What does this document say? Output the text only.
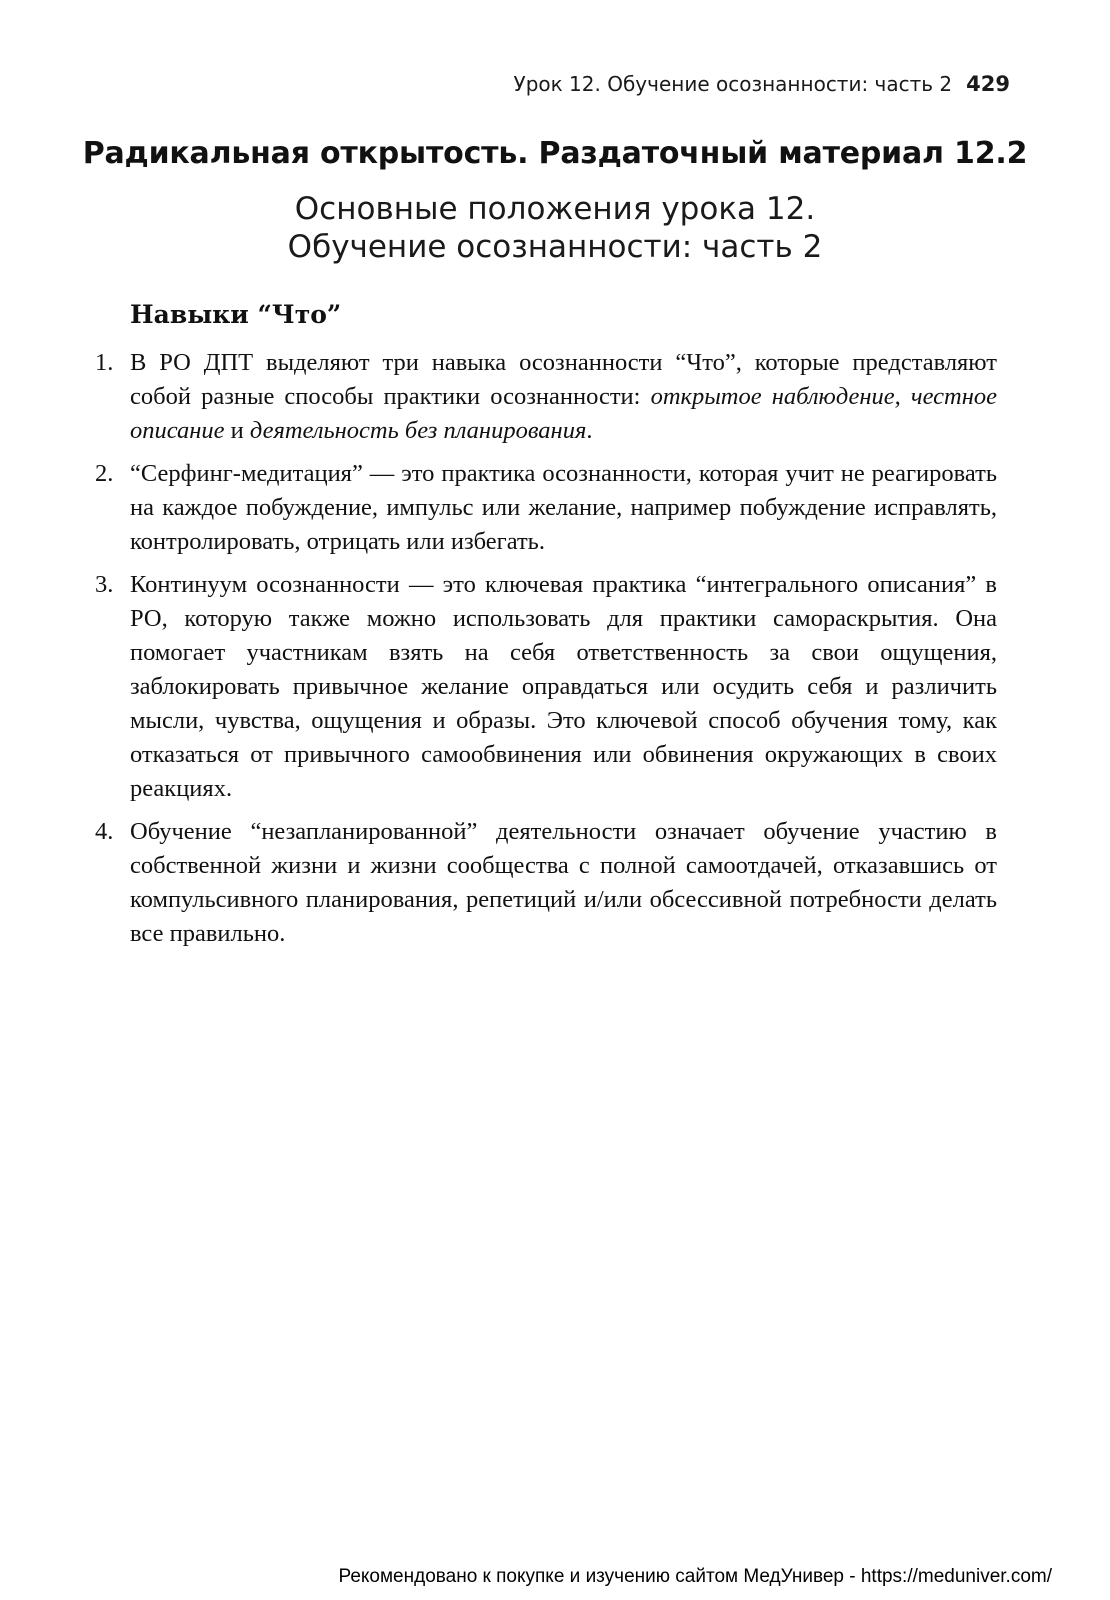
Урок 12. Обучение осознанности: часть 2 429
Радикальная открытость. Раздаточный материал 12.2
Основные положения урока 12.
Обучение осознанности: часть 2
Навыки “Что”
1. В РО ДПТ выделяют три навыка осознанности “Что”, которые представляют собой разные способы практики осознанности: открытое наблюдение, честное описание и деятельность без планирования.
2. “Серфинг-медитация” — это практика осознанности, которая учит не реагировать на каждое побуждение, импульс или желание, например побуждение исправлять, контролировать, отрицать или избегать.
3. Континуум осознанности — это ключевая практика “интегрального описания” в РО, которую также можно использовать для практики самораскрытия. Она помогает участникам взять на себя ответственность за свои ощущения, заблокировать привычное желание оправдаться или осудить себя и различить мысли, чувства, ощущения и образы. Это ключевой способ обучения тому, как отказаться от привычного самообвинения или обвинения окружающих в своих реакциях.
4. Обучение “незапланированной” деятельности означает обучение участию в собственной жизни и жизни сообщества с полной самоотдачей, отказавшись от компульсивного планирования, репетиций и/или обсессивной потребности делать все правильно.
Рекомендовано к покупке и изучению сайтом МедУнивер - https://meduniver.com/
